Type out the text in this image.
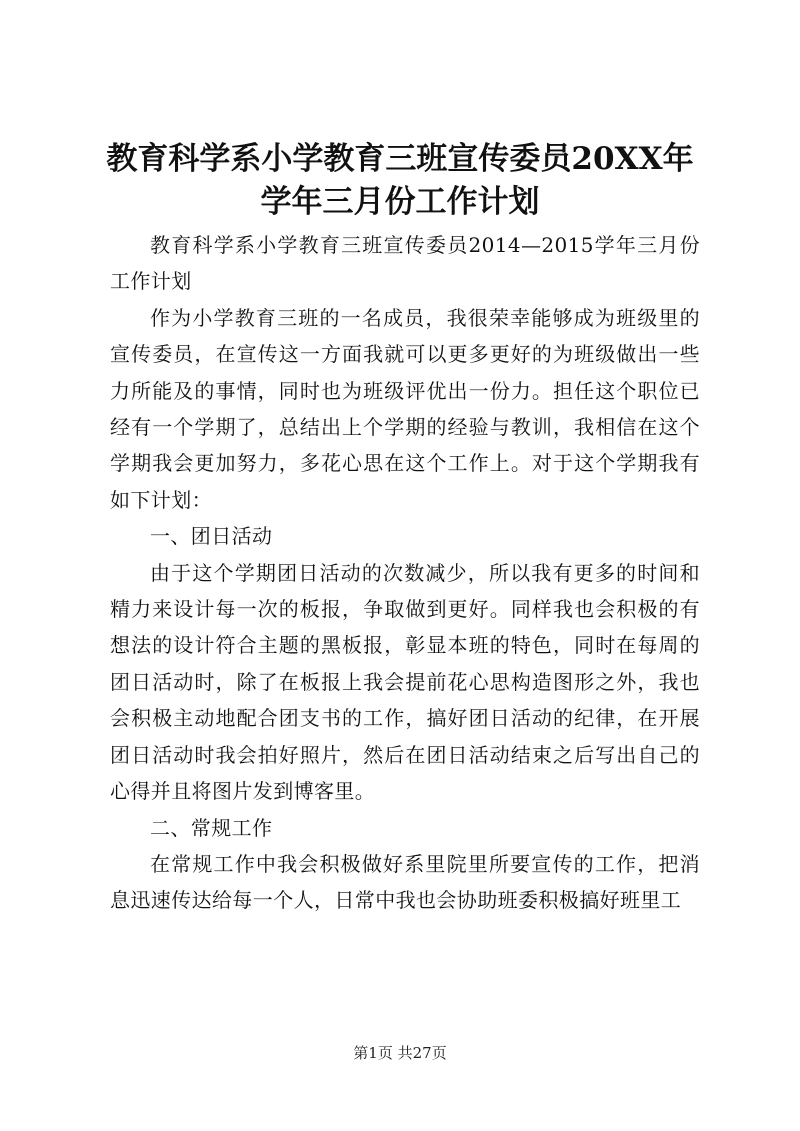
教育科学系小学教育三班宣传委员20XX年学年三月份工作计划

教育科学系小学教育三班宣传委员2014—2015学年三月份工作计划

作为小学教育三班的一名成员，我很荣幸能够成为班级里的宣传委员，在宣传这一方面我就可以更多更好的为班级做出一些力所能及的事情，同时也为班级评优出一份力。担任这个职位已经有一个学期了，总结出上个学期的经验与教训，我相信在这个学期我会更加努力，多花心思在这个工作上。对于这个学期我有如下计划：

一、团日活动

由于这个学期团日活动的次数减少，所以我有更多的时间和精力来设计每一次的板报，争取做到更好。同样我也会积极的有想法的设计符合主题的黑板报，彰显本班的特色，同时在每周的团日活动时，除了在板报上我会提前花心思构造图形之外，我也会积极主动地配合团支书的工作，搞好团日活动的纪律，在开展团日活动时我会拍好照片，然后在团日活动结束之后写出自己的心得并且将图片发到博客里。

二、常规工作

在常规工作中我会积极做好系里院里所要宣传的工作，把消息迅速传达给每一个人，日常中我也会协助班委积极搞好班里工

第1页 共27页
